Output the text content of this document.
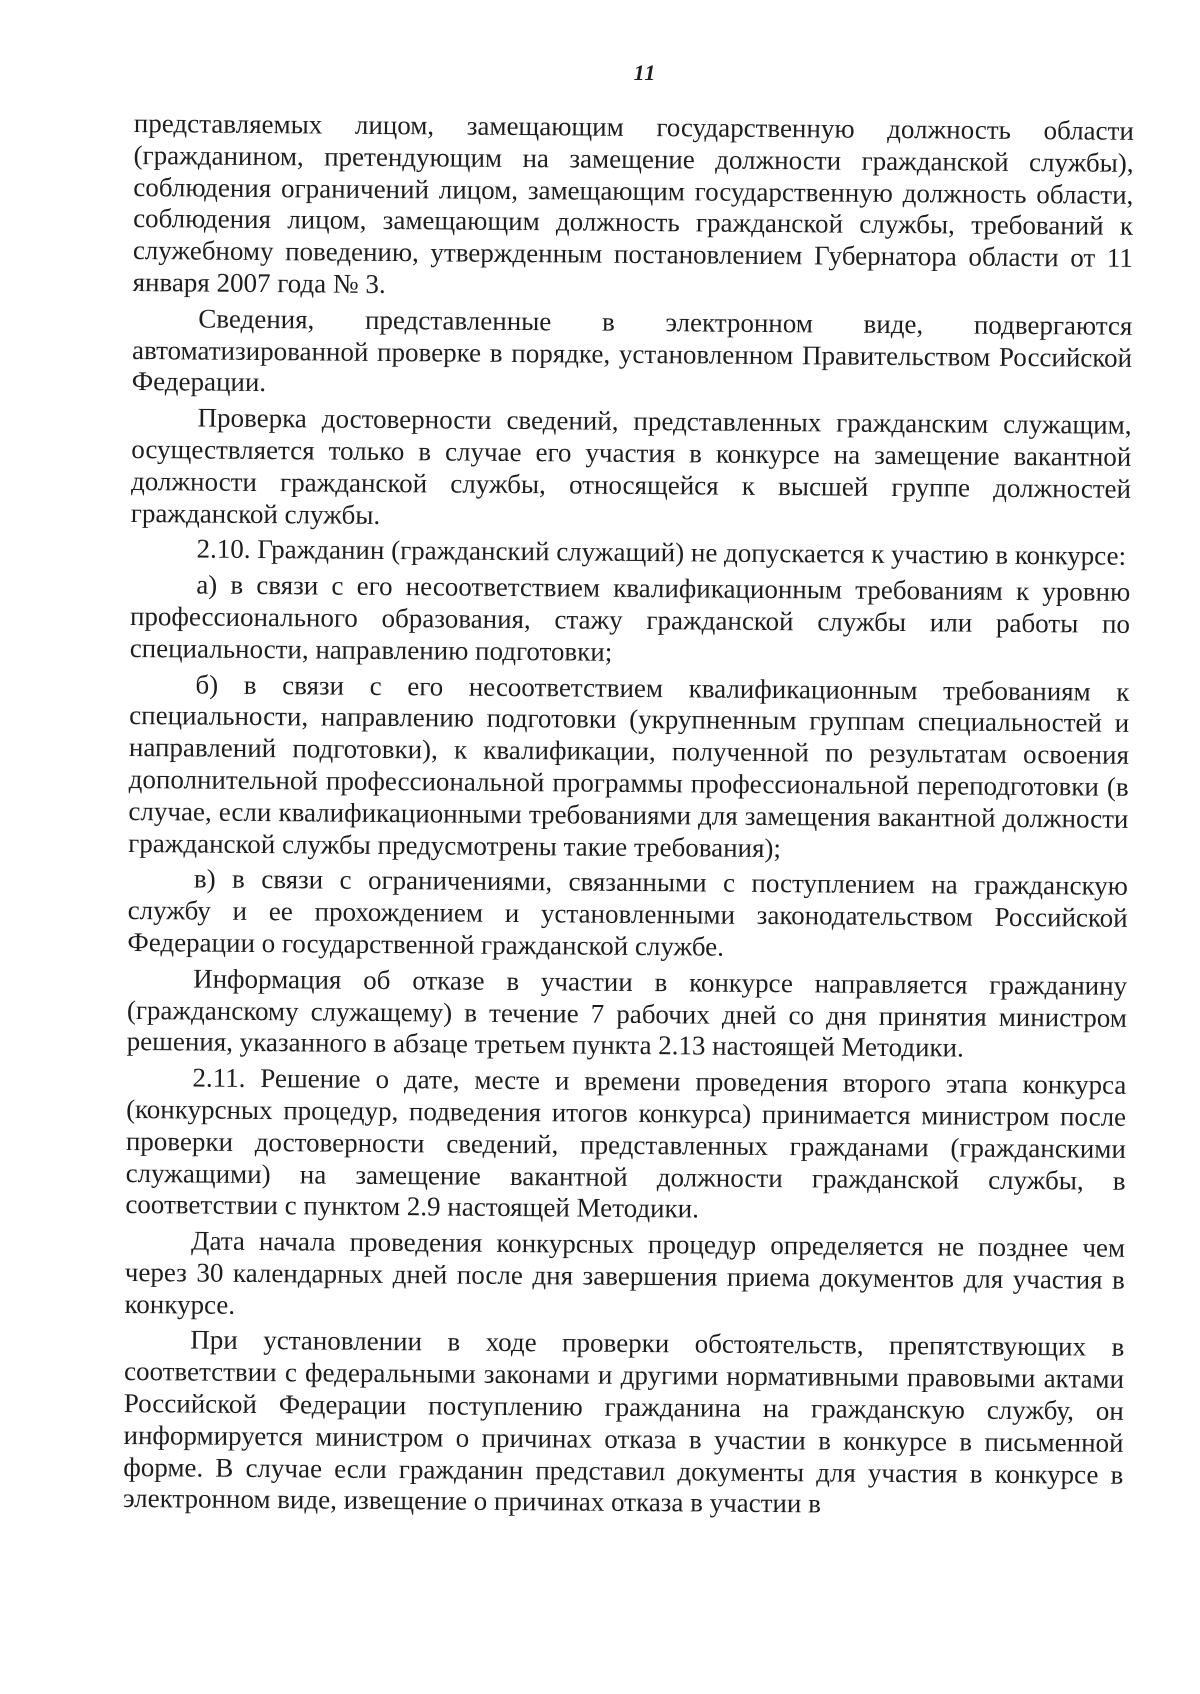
11

представляемых лицом, замещающим государственную должность области (гражданином, претендующим на замещение должности гражданской службы), соблюдения ограничений лицом, замещающим государственную должность области, соблюдения лицом, замещающим должность гражданской службы, требований к служебному поведению, утвержденным постановлением Губернатора области от 11 января 2007 года № 3.

Сведения, представленные в электронном виде, подвергаются автоматизированной проверке в порядке, установленном Правительством Российской Федерации.

Проверка достоверности сведений, представленных гражданским служащим, осуществляется только в случае его участия в конкурсе на замещение вакантной должности гражданской службы, относящейся к высшей группе должностей гражданской службы.

2.10. Гражданин (гражданский служащий) не допускается к участию в конкурсе:

а) в связи с его несоответствием квалификационным требованиям к уровню профессионального образования, стажу гражданской службы или работы по специальности, направлению подготовки;

б) в связи с его несоответствием квалификационным требованиям к специальности, направлению подготовки (укрупненным группам специальностей и направлений подготовки), к квалификации, полученной по результатам освоения дополнительной профессиональной программы профессиональной переподготовки (в случае, если квалификационными требованиями для замещения вакантной должности гражданской службы предусмотрены такие требования);

в) в связи с ограничениями, связанными с поступлением на гражданскую службу и ее прохождением и установленными законодательством Российской Федерации о государственной гражданской службе.

Информация об отказе в участии в конкурсе направляется гражданину (гражданскому служащему) в течение 7 рабочих дней со дня принятия министром решения, указанного в абзаце третьем пункта 2.13 настоящей Методики.

2.11. Решение о дате, месте и времени проведения второго этапа конкурса (конкурсных процедур, подведения итогов конкурса) принимается министром после проверки достоверности сведений, представленных гражданами (гражданскими служащими) на замещение вакантной должности гражданской службы, в соответствии с пунктом 2.9 настоящей Методики.

Дата начала проведения конкурсных процедур определяется не позднее чем через 30 календарных дней после дня завершения приема документов для участия в конкурсе.

При установлении в ходе проверки обстоятельств, препятствующих в соответствии с федеральными законами и другими нормативными правовыми актами Российской Федерации поступлению гражданина на гражданскую службу, он информируется министром о причинах отказа в участии в конкурсе в письменной форме. В случае если гражданин представил документы для участия в конкурсе в электронном виде, извещение о причинах отказа в участии в
